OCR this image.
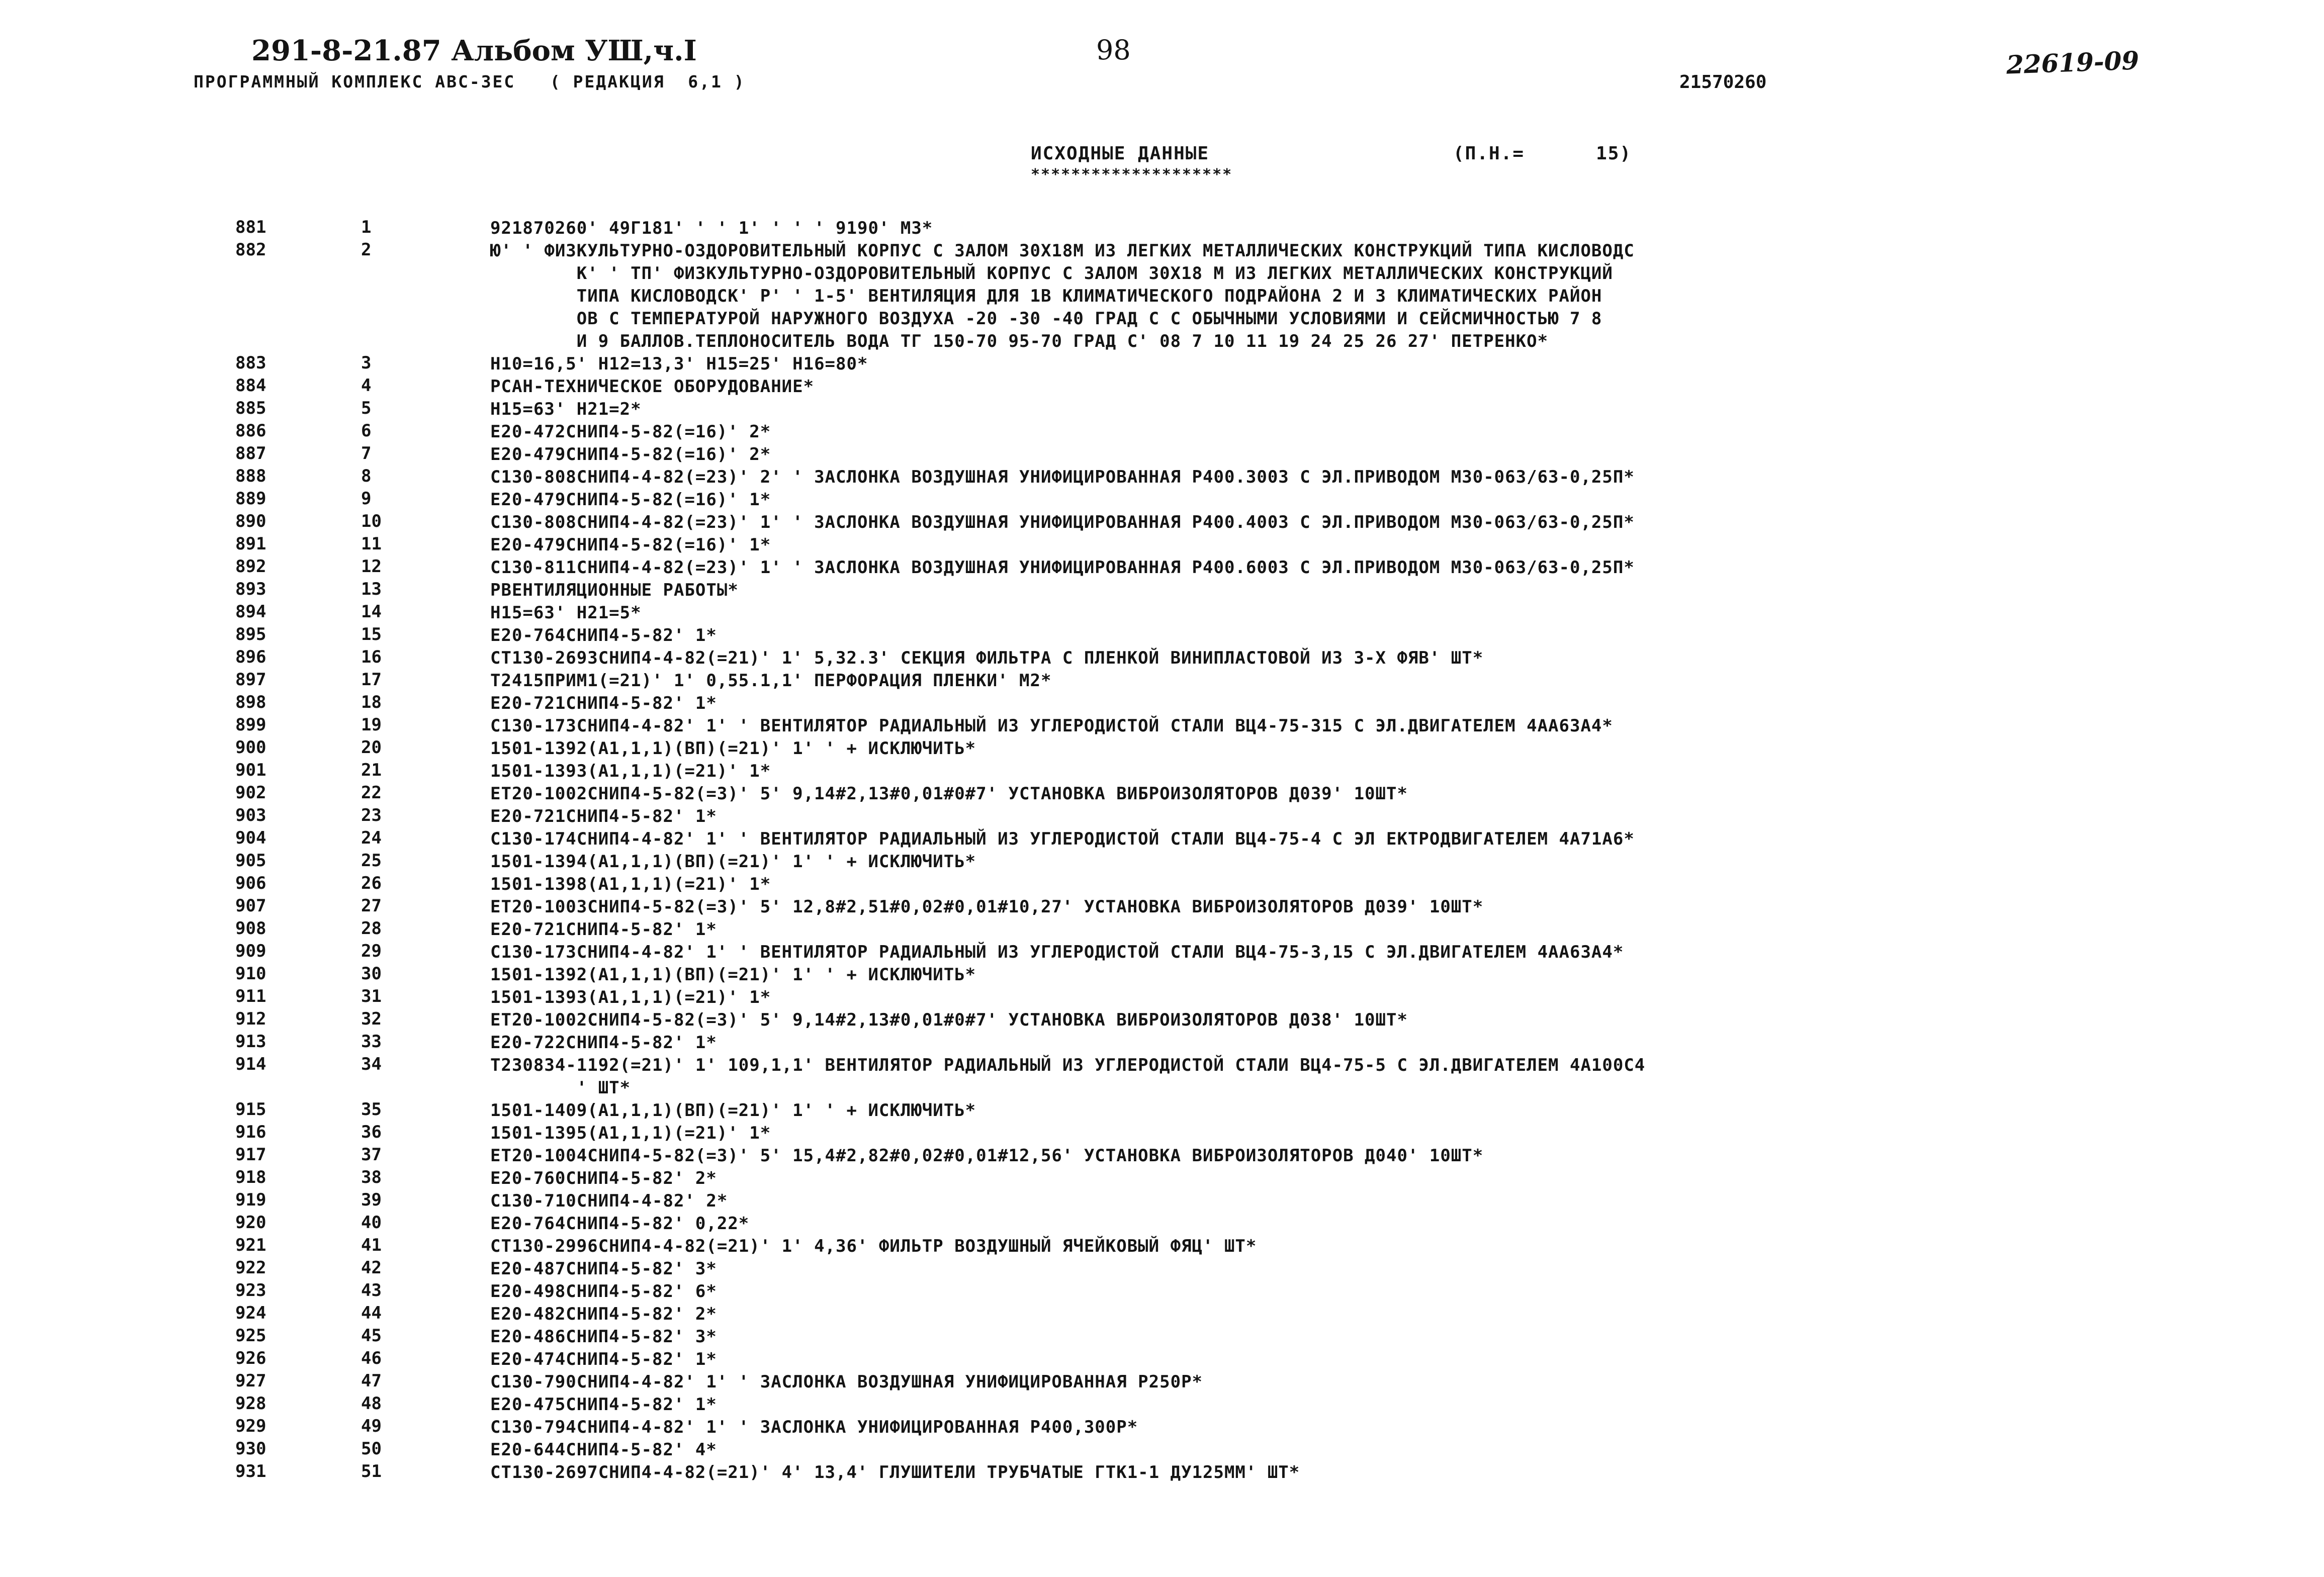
291-8-21.87 Альбом УШ,ч.I
ПРОГРАММНЫЙ КОМПЛЕКС АВС-3ЕС   ( РЕДАКЦИЯ  6,1 )
98
21570260
22619-09
ИСХОДНЫЕ ДАННЫЕ
********************
(П.Н.=      15)
881	1	921870260' 49Г181' ' ' 1' ' ' ' 9190' М3*
882	2	Ю' ' ФИЗКУЛЬТУРНО-ОЗДОРОВИТЕЛЬНЫЙ КОРПУС С ЗАЛОМ 30Х18М ИЗ ЛЕГКИХ МЕТАЛЛИЧЕСКИХ КОНСТРУКЦИЙ ТИПА КИСЛОВОДС
К' ' ТП' ФИЗКУЛЬТУРНО-ОЗДОРОВИТЕЛЬНЫЙ КОРПУС С ЗАЛОМ 30Х18 М ИЗ ЛЕГКИХ МЕТАЛЛИЧЕСКИХ КОНСТРУКЦИЙ
ТИПА КИСЛОВОДСК' Р' ' 1-5' ВЕНТИЛЯЦИЯ ДЛЯ 1В КЛИМАТИЧЕСКОГО ПОДРАЙОНА 2 И 3 КЛИМАТИЧЕСКИХ РАЙОН
ОВ С ТЕМПЕРАТУРОЙ НАРУЖНОГО ВОЗДУХА -20 -30 -40 ГРАД С С ОБЫЧНЫМИ УСЛОВИЯМИ И СЕЙСМИЧНОСТЬЮ 7 8
И 9 БАЛЛОВ.ТЕПЛОНОСИТЕЛЬ ВОДА ТГ 150-70 95-70 ГРАД С' 08 7 10 11 19 24 25 26 27' ПЕТРЕНКО*
883	3	Н10=16,5' Н12=13,3' Н15=25' Н16=80*
884	4	РСАН-ТЕХНИЧЕСКОЕ ОБОРУДОВАНИЕ*
885	5	Н15=63' Н21=2*
886	6	Е20-472СНИП4-5-82(=16)' 2*
887	7	Е20-479СНИП4-5-82(=16)' 2*
888	8	С130-808СНИП4-4-82(=23)' 2' ' ЗАСЛОНКА ВОЗДУШНАЯ УНИФИЦИРОВАННАЯ Р400.3003 С ЭЛ.ПРИВОДОМ М30-063/63-0,25П*
889	9	Е20-479СНИП4-5-82(=16)' 1*
890	10	С130-808СНИП4-4-82(=23)' 1' ' ЗАСЛОНКА ВОЗДУШНАЯ УНИФИЦИРОВАННАЯ Р400.4003 С ЭЛ.ПРИВОДОМ М30-063/63-0,25П*
891	11	Е20-479СНИП4-5-82(=16)' 1*
892	12	С130-811СНИП4-4-82(=23)' 1' ' ЗАСЛОНКА ВОЗДУШНАЯ УНИФИЦИРОВАННАЯ Р400.6003 С ЭЛ.ПРИВОДОМ М30-063/63-0,25П*
893	13	РВЕНТИЛЯЦИОННЫЕ РАБОТЫ*
894	14	Н15=63' Н21=5*
895	15	Е20-764СНИП4-5-82' 1*
896	16	СТ130-2693СНИП4-4-82(=21)' 1' 5,32.3' СЕКЦИЯ ФИЛЬТРА С ПЛЕНКОЙ ВИНИПЛАСТОВОЙ ИЗ 3-Х ФЯВ' ШТ*
897	17	Т2415ПРИМ1(=21)' 1' 0,55.1,1' ПЕРФОРАЦИЯ ПЛЕНКИ' М2*
898	18	Е20-721СНИП4-5-82' 1*
899	19	С130-173СНИП4-4-82' 1' ' ВЕНТИЛЯТОР РАДИАЛЬНЫЙ ИЗ УГЛЕРОДИСТОЙ СТАЛИ ВЦ4-75-315 С ЭЛ.ДВИГАТЕЛЕМ 4АА63А4*
900	20	1501-1392(А1,1,1)(ВП)(=21)' 1' ' + ИСКЛЮЧИТЬ*
901	21	1501-1393(А1,1,1)(=21)' 1*
902	22	ЕТ20-1002СНИП4-5-82(=3)' 5' 9,14#2,13#0,01#0#7' УСТАНОВКА ВИБРОИЗОЛЯТОРОВ Д039' 10ШТ*
903	23	Е20-721СНИП4-5-82' 1*
904	24	С130-174СНИП4-4-82' 1' ' ВЕНТИЛЯТОР РАДИАЛЬНЫЙ ИЗ УГЛЕРОДИСТОЙ СТАЛИ ВЦ4-75-4 С ЭЛ ЕКТРОДВИГАТЕЛЕМ 4А71А6*
905	25	1501-1394(А1,1,1)(ВП)(=21)' 1' ' + ИСКЛЮЧИТЬ*
906	26	1501-1398(А1,1,1)(=21)' 1*
907	27	ЕТ20-1003СНИП4-5-82(=3)' 5' 12,8#2,51#0,02#0,01#10,27' УСТАНОВКА ВИБРОИЗОЛЯТОРОВ Д039' 10ШТ*
908	28	Е20-721СНИП4-5-82' 1*
909	29	С130-173СНИП4-4-82' 1' ' ВЕНТИЛЯТОР РАДИАЛЬНЫЙ ИЗ УГЛЕРОДИСТОЙ СТАЛИ ВЦ4-75-3,15 С ЭЛ.ДВИГАТЕЛЕМ 4АА63А4*
910	30	1501-1392(А1,1,1)(ВП)(=21)' 1' ' + ИСКЛЮЧИТЬ*
911	31	1501-1393(А1,1,1)(=21)' 1*
912	32	ЕТ20-1002СНИП4-5-82(=3)' 5' 9,14#2,13#0,01#0#7' УСТАНОВКА ВИБРОИЗОЛЯТОРОВ Д038' 10ШТ*
913	33	Е20-722СНИП4-5-82' 1*
914	34	Т230834-1192(=21)' 1' 109,1,1' ВЕНТИЛЯТОР РАДИАЛЬНЫЙ ИЗ УГЛЕРОДИСТОЙ СТАЛИ ВЦ4-75-5 С ЭЛ.ДВИГАТЕЛЕМ 4А100С4
' ШТ*
915	35	1501-1409(А1,1,1)(ВП)(=21)' 1' ' + ИСКЛЮЧИТЬ*
916	36	1501-1395(А1,1,1)(=21)' 1*
917	37	ЕТ20-1004СНИП4-5-82(=3)' 5' 15,4#2,82#0,02#0,01#12,56' УСТАНОВКА ВИБРОИЗОЛЯТОРОВ Д040' 10ШТ*
918	38	Е20-760СНИП4-5-82' 2*
919	39	С130-710СНИП4-4-82' 2*
920	40	Е20-764СНИП4-5-82' 0,22*
921	41	СТ130-2996СНИП4-4-82(=21)' 1' 4,36' ФИЛЬТР ВОЗДУШНЫЙ ЯЧЕЙКОВЫЙ ФЯЦ' ШТ*
922	42	Е20-487СНИП4-5-82' 3*
923	43	Е20-498СНИП4-5-82' 6*
924	44	Е20-482СНИП4-5-82' 2*
925	45	Е20-486СНИП4-5-82' 3*
926	46	Е20-474СНИП4-5-82' 1*
927	47	С130-790СНИП4-4-82' 1' ' ЗАСЛОНКА ВОЗДУШНАЯ УНИФИЦИРОВАННАЯ Р250Р*
928	48	Е20-475СНИП4-5-82' 1*
929	49	С130-794СНИП4-4-82' 1' ' ЗАСЛОНКА УНИФИЦИРОВАННАЯ Р400,300Р*
930	50	Е20-644СНИП4-5-82' 4*
931	51	СТ130-2697СНИП4-4-82(=21)' 4' 13,4' ГЛУШИТЕЛИ ТРУБЧАТЫЕ ГТК1-1 ДУ125ММ' ШТ*
